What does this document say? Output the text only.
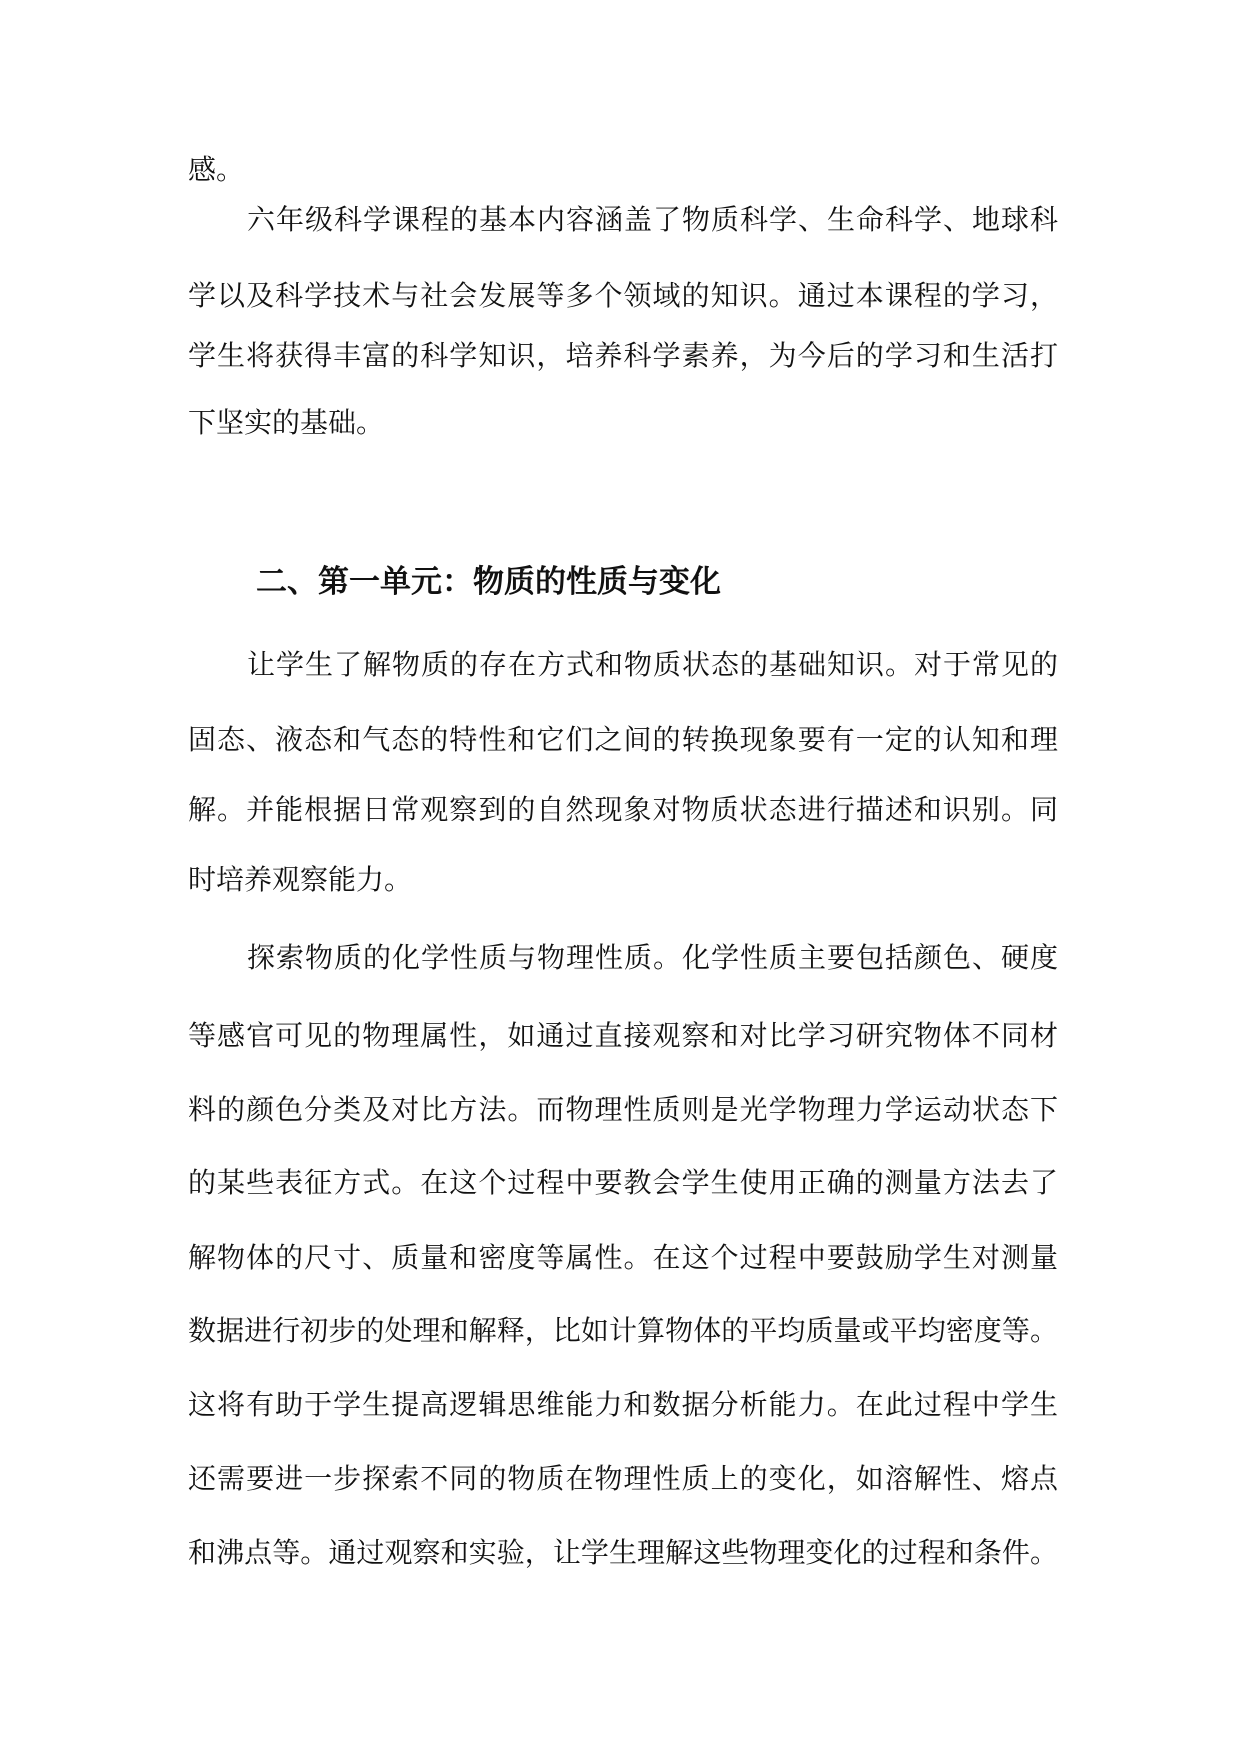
感。
六年级科学课程的基本内容涵盖了物质科学、生命科学、地球科
学以及科学技术与社会发展等多个领域的知识。通过本课程的学习，
学生将获得丰富的科学知识，培养科学素养，为今后的学习和生活打
下坚实的基础。
二、第一单元：物质的性质与变化
让学生了解物质的存在方式和物质状态的基础知识。对于常见的
固态、液态和气态的特性和它们之间的转换现象要有一定的认知和理
解。并能根据日常观察到的自然现象对物质状态进行描述和识别。同
时培养观察能力。
探索物质的化学性质与物理性质。化学性质主要包括颜色、硬度
等感官可见的物理属性，如通过直接观察和对比学习研究物体不同材
料的颜色分类及对比方法。而物理性质则是光学物理力学运动状态下
的某些表征方式。在这个过程中要教会学生使用正确的测量方法去了
解物体的尺寸、质量和密度等属性。在这个过程中要鼓励学生对测量
数据进行初步的处理和解释，比如计算物体的平均质量或平均密度等。
这将有助于学生提高逻辑思维能力和数据分析能力。在此过程中学生
还需要进一步探索不同的物质在物理性质上的变化，如溶解性、熔点
和沸点等。通过观察和实验，让学生理解这些物理变化的过程和条件。
